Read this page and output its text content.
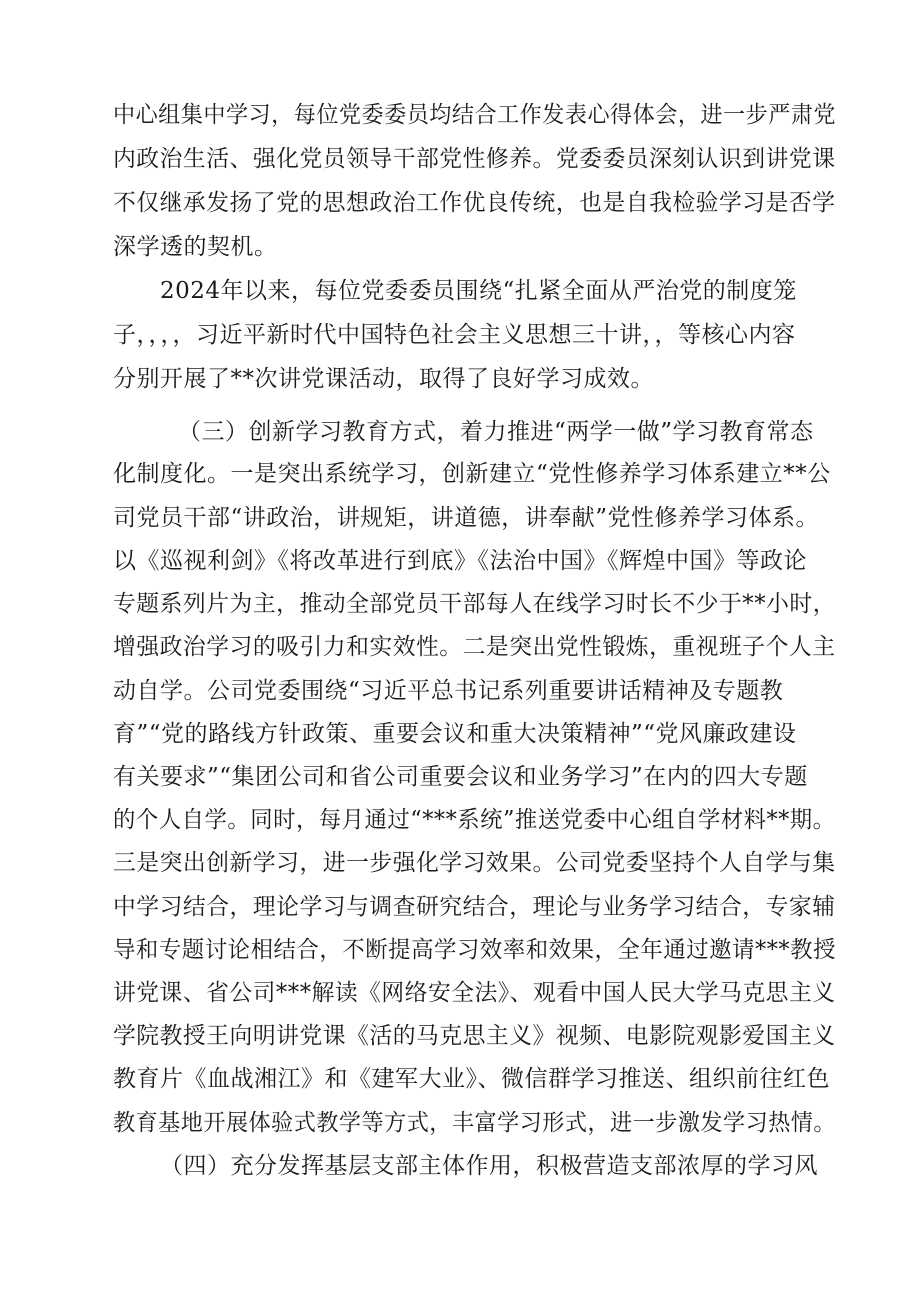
中心组集中学习，每位党委委员均结合工作发表心得体会，进一步严肃党
内政治生活、强化党员领导干部党性修养。党委委员深刻认识到讲党课
不仅继承发扬了党的思想政治工作优良传统，也是自我检验学习是否学
深学透的契机。
2024年以来，每位党委委员围绕“扎紧全面从严治党的制度笼
子，，，，习近平新时代中国特色社会主义思想三十讲，，等核心内容
分别开展了**次讲党课活动，取得了良好学习成效。
（三）创新学习教育方式，着力推进“两学一做”学习教育常态
化制度化。一是突出系统学习，创新建立“党性修养学习体系建立**公
司党员干部“讲政治，讲规矩，讲道德，讲奉献”党性修养学习体系。
以《巡视利剑》《将改革进行到底》《法治中国》《辉煌中国》等政论
专题系列片为主，推动全部党员干部每人在线学习时长不少于**小时，
增强政治学习的吸引力和实效性。二是突出党性锻炼，重视班子个人主
动自学。公司党委围绕“习近平总书记系列重要讲话精神及专题教
育”“党的路线方针政策、重要会议和重大决策精神”“党风廉政建设
有关要求”“集团公司和省公司重要会议和业务学习”在内的四大专题
的个人自学。同时，每月通过“***系统”推送党委中心组自学材料**期。
三是突出创新学习，进一步强化学习效果。公司党委坚持个人自学与集
中学习结合，理论学习与调查研究结合，理论与业务学习结合，专家辅
导和专题讨论相结合，不断提高学习效率和效果，全年通过邀请***教授
讲党课、省公司***解读《网络安全法》、观看中国人民大学马克思主义
学院教授王向明讲党课《活的马克思主义》视频、电影院观影爱国主义
教育片《血战湘江》和《建军大业》、微信群学习推送、组织前往红色
教育基地开展体验式教学等方式，丰富学习形式，进一步激发学习热情。
（四）充分发挥基层支部主体作用，积极营造支部浓厚的学习风
